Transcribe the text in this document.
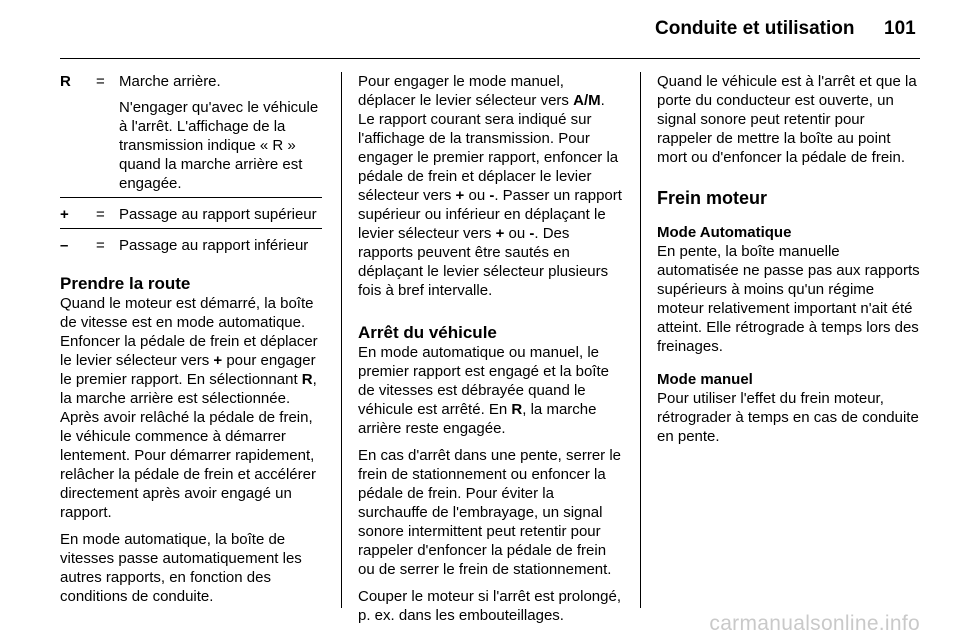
Conduite et utilisation 101
R	= Marche arrière.
N'engager qu'avec le véhicule à l'arrêt. L'affichage de la transmission indique « R » quand la marche arrière est engagée.
+	= Passage au rapport supérieur
–	= Passage au rapport inférieur
Prendre la route

Quand le moteur est démarré, la boîte de vitesse est en mode automatique. Enfoncer la pédale de frein et déplacer le levier sélecteur vers + pour engager le premier rapport. En sélectionnant R, la marche arrière est sélectionnée. Après avoir relâché la pédale de frein, le véhicule commence à démarrer lentement. Pour démarrer rapidement, relâcher la pédale de frein et accélérer directement après avoir engagé un rapport.

En mode automatique, la boîte de vitesses passe automatiquement les autres rapports, en fonction des conditions de conduite.

Pour engager le mode manuel, déplacer le levier sélecteur vers A/M. Le rapport courant sera indiqué sur l'affichage de la transmission. Pour engager le premier rapport, enfoncer la pédale de frein et déplacer le levier sélecteur vers + ou -. Passer un rapport supérieur ou inférieur en déplaçant le levier sélecteur vers + ou -. Des rapports peuvent être sautés en déplaçant le levier sélecteur plusieurs fois à bref intervalle.

Arrêt du véhicule

En mode automatique ou manuel, le premier rapport est engagé et la boîte de vitesses est débrayée quand le véhicule est arrêté. En R, la marche arrière reste engagée.

En cas d'arrêt dans une pente, serrer le frein de stationnement ou enfoncer la pédale de frein. Pour éviter la surchauffe de l'embrayage, un signal sonore intermittent peut retentir pour rappeler d'enfoncer la pédale de frein ou de serrer le frein de stationnement.

Couper le moteur si l'arrêt est prolongé, p. ex. dans les embouteillages.

Quand le véhicule est à l'arrêt et que la porte du conducteur est ouverte, un signal sonore peut retentir pour rappeler de mettre la boîte au point mort ou d'enfoncer la pédale de frein.

Frein moteur
Mode Automatique

En pente, la boîte manuelle automatisée ne passe pas aux rapports supérieurs à moins qu'un régime moteur relativement important n'ait été atteint. Elle rétrograde à temps lors des freinages.

Mode manuel

Pour utiliser l'effet du frein moteur, rétrograder à temps en cas de conduite en pente.

carmanualsonline.info
